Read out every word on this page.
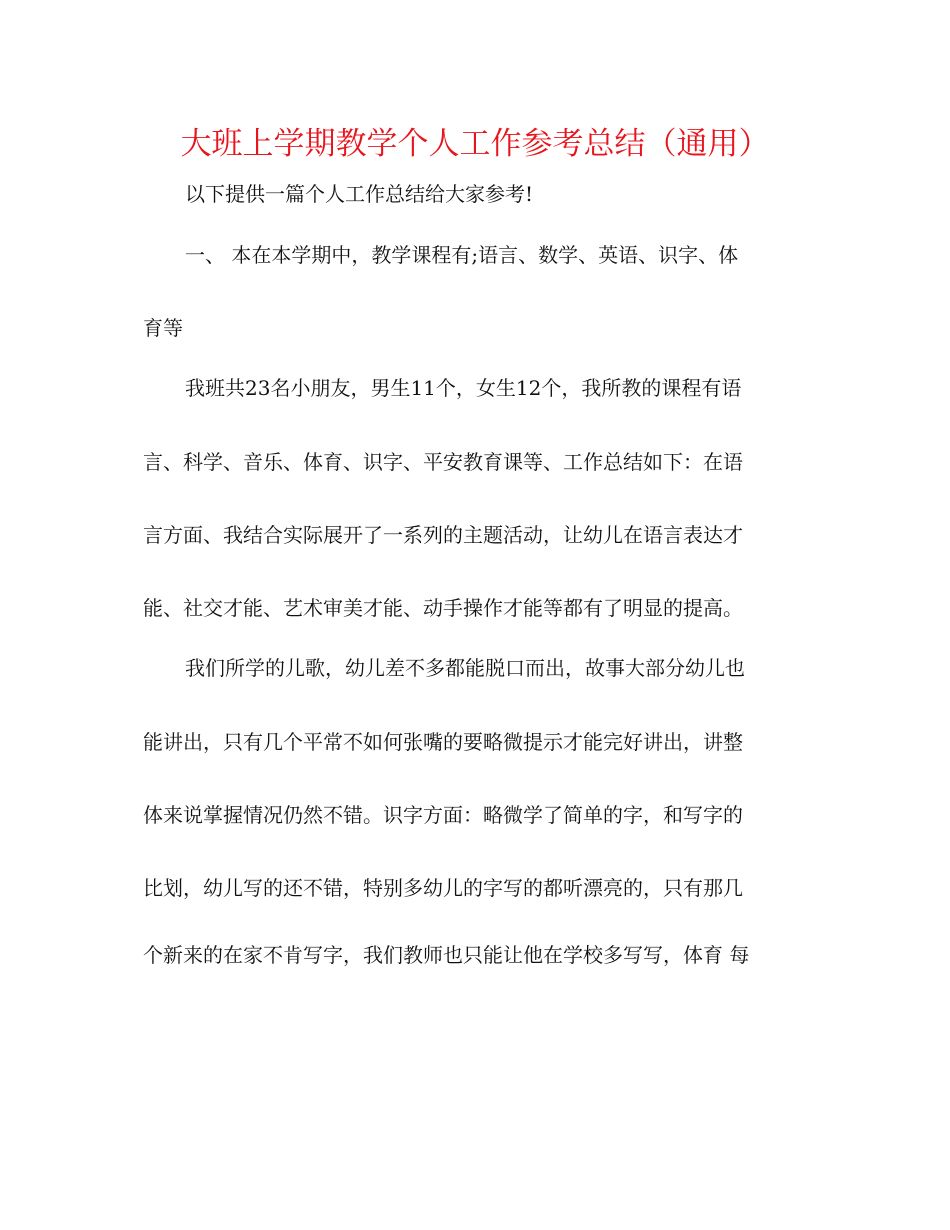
大班上学期教学个人工作参考总结（通用）
以下提供一篇个人工作总结给大家参考!
一、 本在本学期中，教学课程有;语言、数学、英语、识字、体
育等
我班共23名小朋友，男生11个，女生12个，我所教的课程有语
言、科学、音乐、体育、识字、平安教育课等、工作总结如下：在语
言方面、我结合实际展开了一系列的主题活动，让幼儿在语言表达才
能、社交才能、艺术审美才能、动手操作才能等都有了明显的提高。
我们所学的儿歌，幼儿差不多都能脱口而出，故事大部分幼儿也
能讲出，只有几个平常不如何张嘴的要略微提示才能完好讲出，讲整
体来说掌握情况仍然不错。识字方面：略微学了简单的字，和写字的
比划，幼儿写的还不错，特别多幼儿的字写的都听漂亮的，只有那几
个新来的在家不肯写字，我们教师也只能让他在学校多写写，体育 每
